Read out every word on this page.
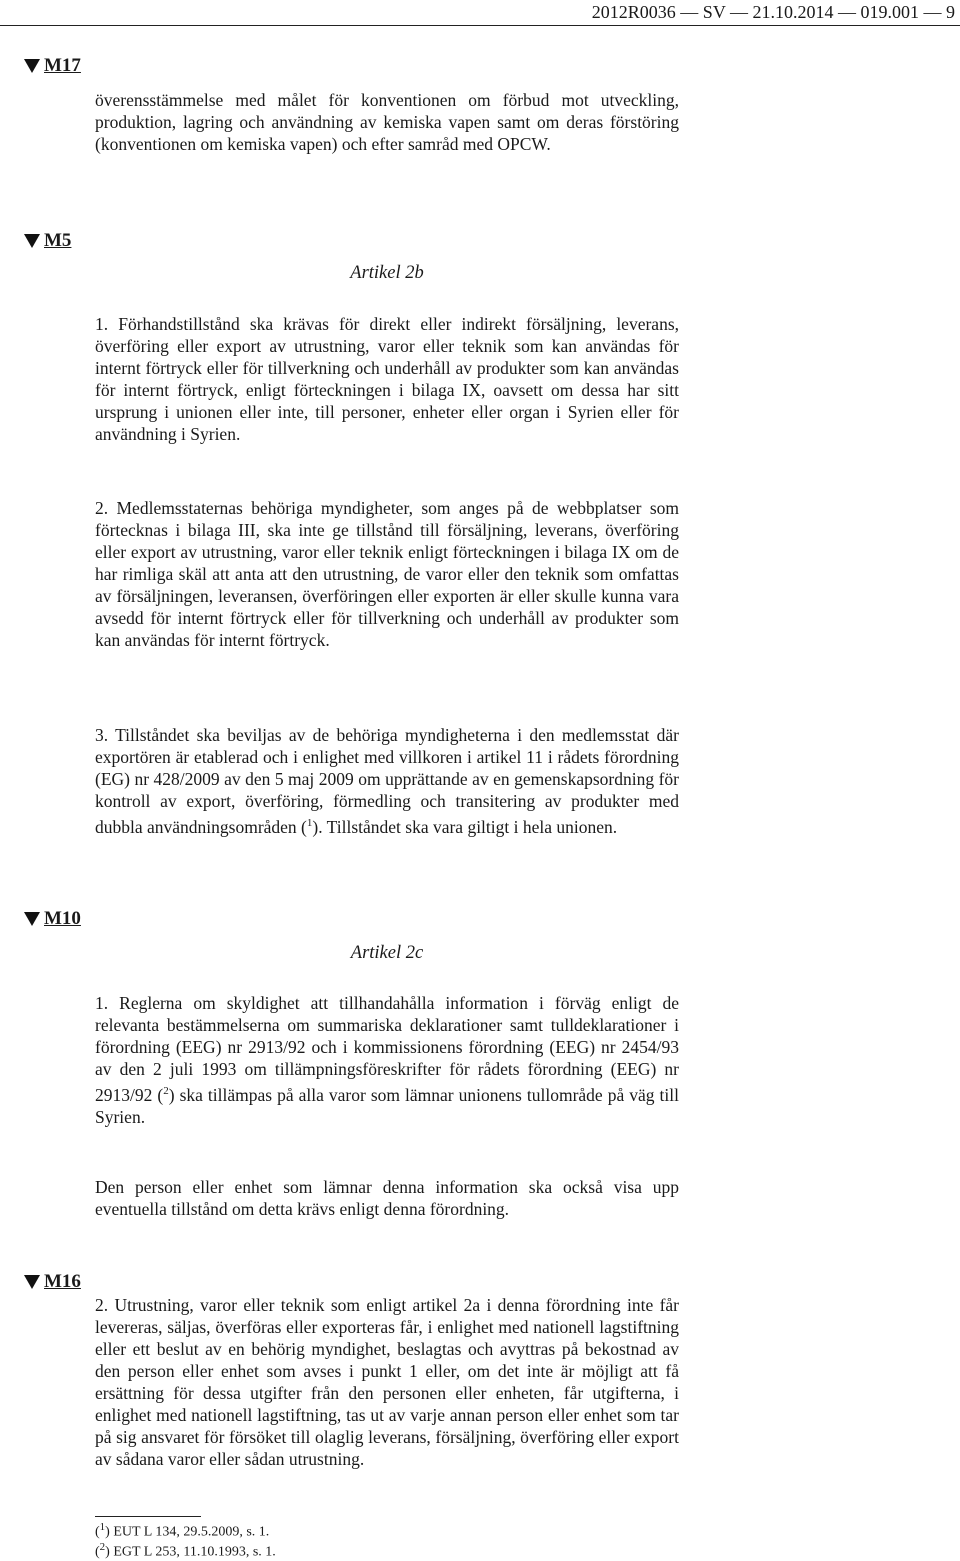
2012R0036 — SV — 21.10.2014 — 019.001 — 9
M17
överensstämmelse med målet för konventionen om förbud mot utveckling, produktion, lagring och användning av kemiska vapen samt om deras förstöring (konventionen om kemiska vapen) och efter samråd med OPCW.
M5
Artikel 2b
1. Förhandstillstånd ska krävas för direkt eller indirekt försäljning, leverans, överföring eller export av utrustning, varor eller teknik som kan användas för internt förtryck eller för tillverkning och underhåll av produkter som kan användas för internt förtryck, enligt förteckningen i bilaga IX, oavsett om dessa har sitt ursprung i unionen eller inte, till personer, enheter eller organ i Syrien eller för användning i Syrien.
2. Medlemsstaternas behöriga myndigheter, som anges på de webbplatser som förtecknas i bilaga III, ska inte ge tillstånd till försäljning, leverans, överföring eller export av utrustning, varor eller teknik enligt förteckningen i bilaga IX om de har rimliga skäl att anta att den utrustning, de varor eller den teknik som omfattas av försäljningen, leveransen, överföringen eller exporten är eller skulle kunna vara avsedd för internt förtryck eller för tillverkning och underhåll av produkter som kan användas för internt förtryck.
3. Tillståndet ska beviljas av de behöriga myndigheterna i den medlemsstat där exportören är etablerad och i enlighet med villkoren i artikel 11 i rådets förordning (EG) nr 428/2009 av den 5 maj 2009 om upprättande av en gemenskapsordning för kontroll av export, överföring, förmedling och transitering av produkter med dubbla användningsområden ($^1$). Tillståndet ska vara giltigt i hela unionen.
M10
Artikel 2c
1. Reglerna om skyldighet att tillhandahålla information i förväg enligt de relevanta bestämmelserna om summariska deklarationer samt tulldeklarationer i förordning (EEG) nr 2913/92 och i kommissionens förordning (EEG) nr 2454/93 av den 2 juli 1993 om tillämpningsföreskrifter för rådets förordning (EEG) nr 2913/92 ($^2$) ska tillämpas på alla varor som lämnar unionens tullområde på väg till Syrien.
Den person eller enhet som lämnar denna information ska också visa upp eventuella tillstånd om detta krävs enligt denna förordning.
M16
2. Utrustning, varor eller teknik som enligt artikel 2a i denna förordning inte får levereras, säljas, överföras eller exporteras får, i enlighet med nationell lagstiftning eller ett beslut av en behörig myndighet, beslagtas och avyttras på bekostnad av den person eller enhet som avses i punkt 1 eller, om det inte är möjligt att få ersättning för dessa utgifter från den personen eller enheten, får utgifterna, i enlighet med nationell lagstiftning, tas ut av varje annan person eller enhet som tar på sig ansvaret för försöket till olaglig leverans, försäljning, överföring eller export av sådana varor eller sådan utrustning.
($^1$) EUT L 134, 29.5.2009, s. 1.
($^2$) EGT L 253, 11.10.1993, s. 1.
